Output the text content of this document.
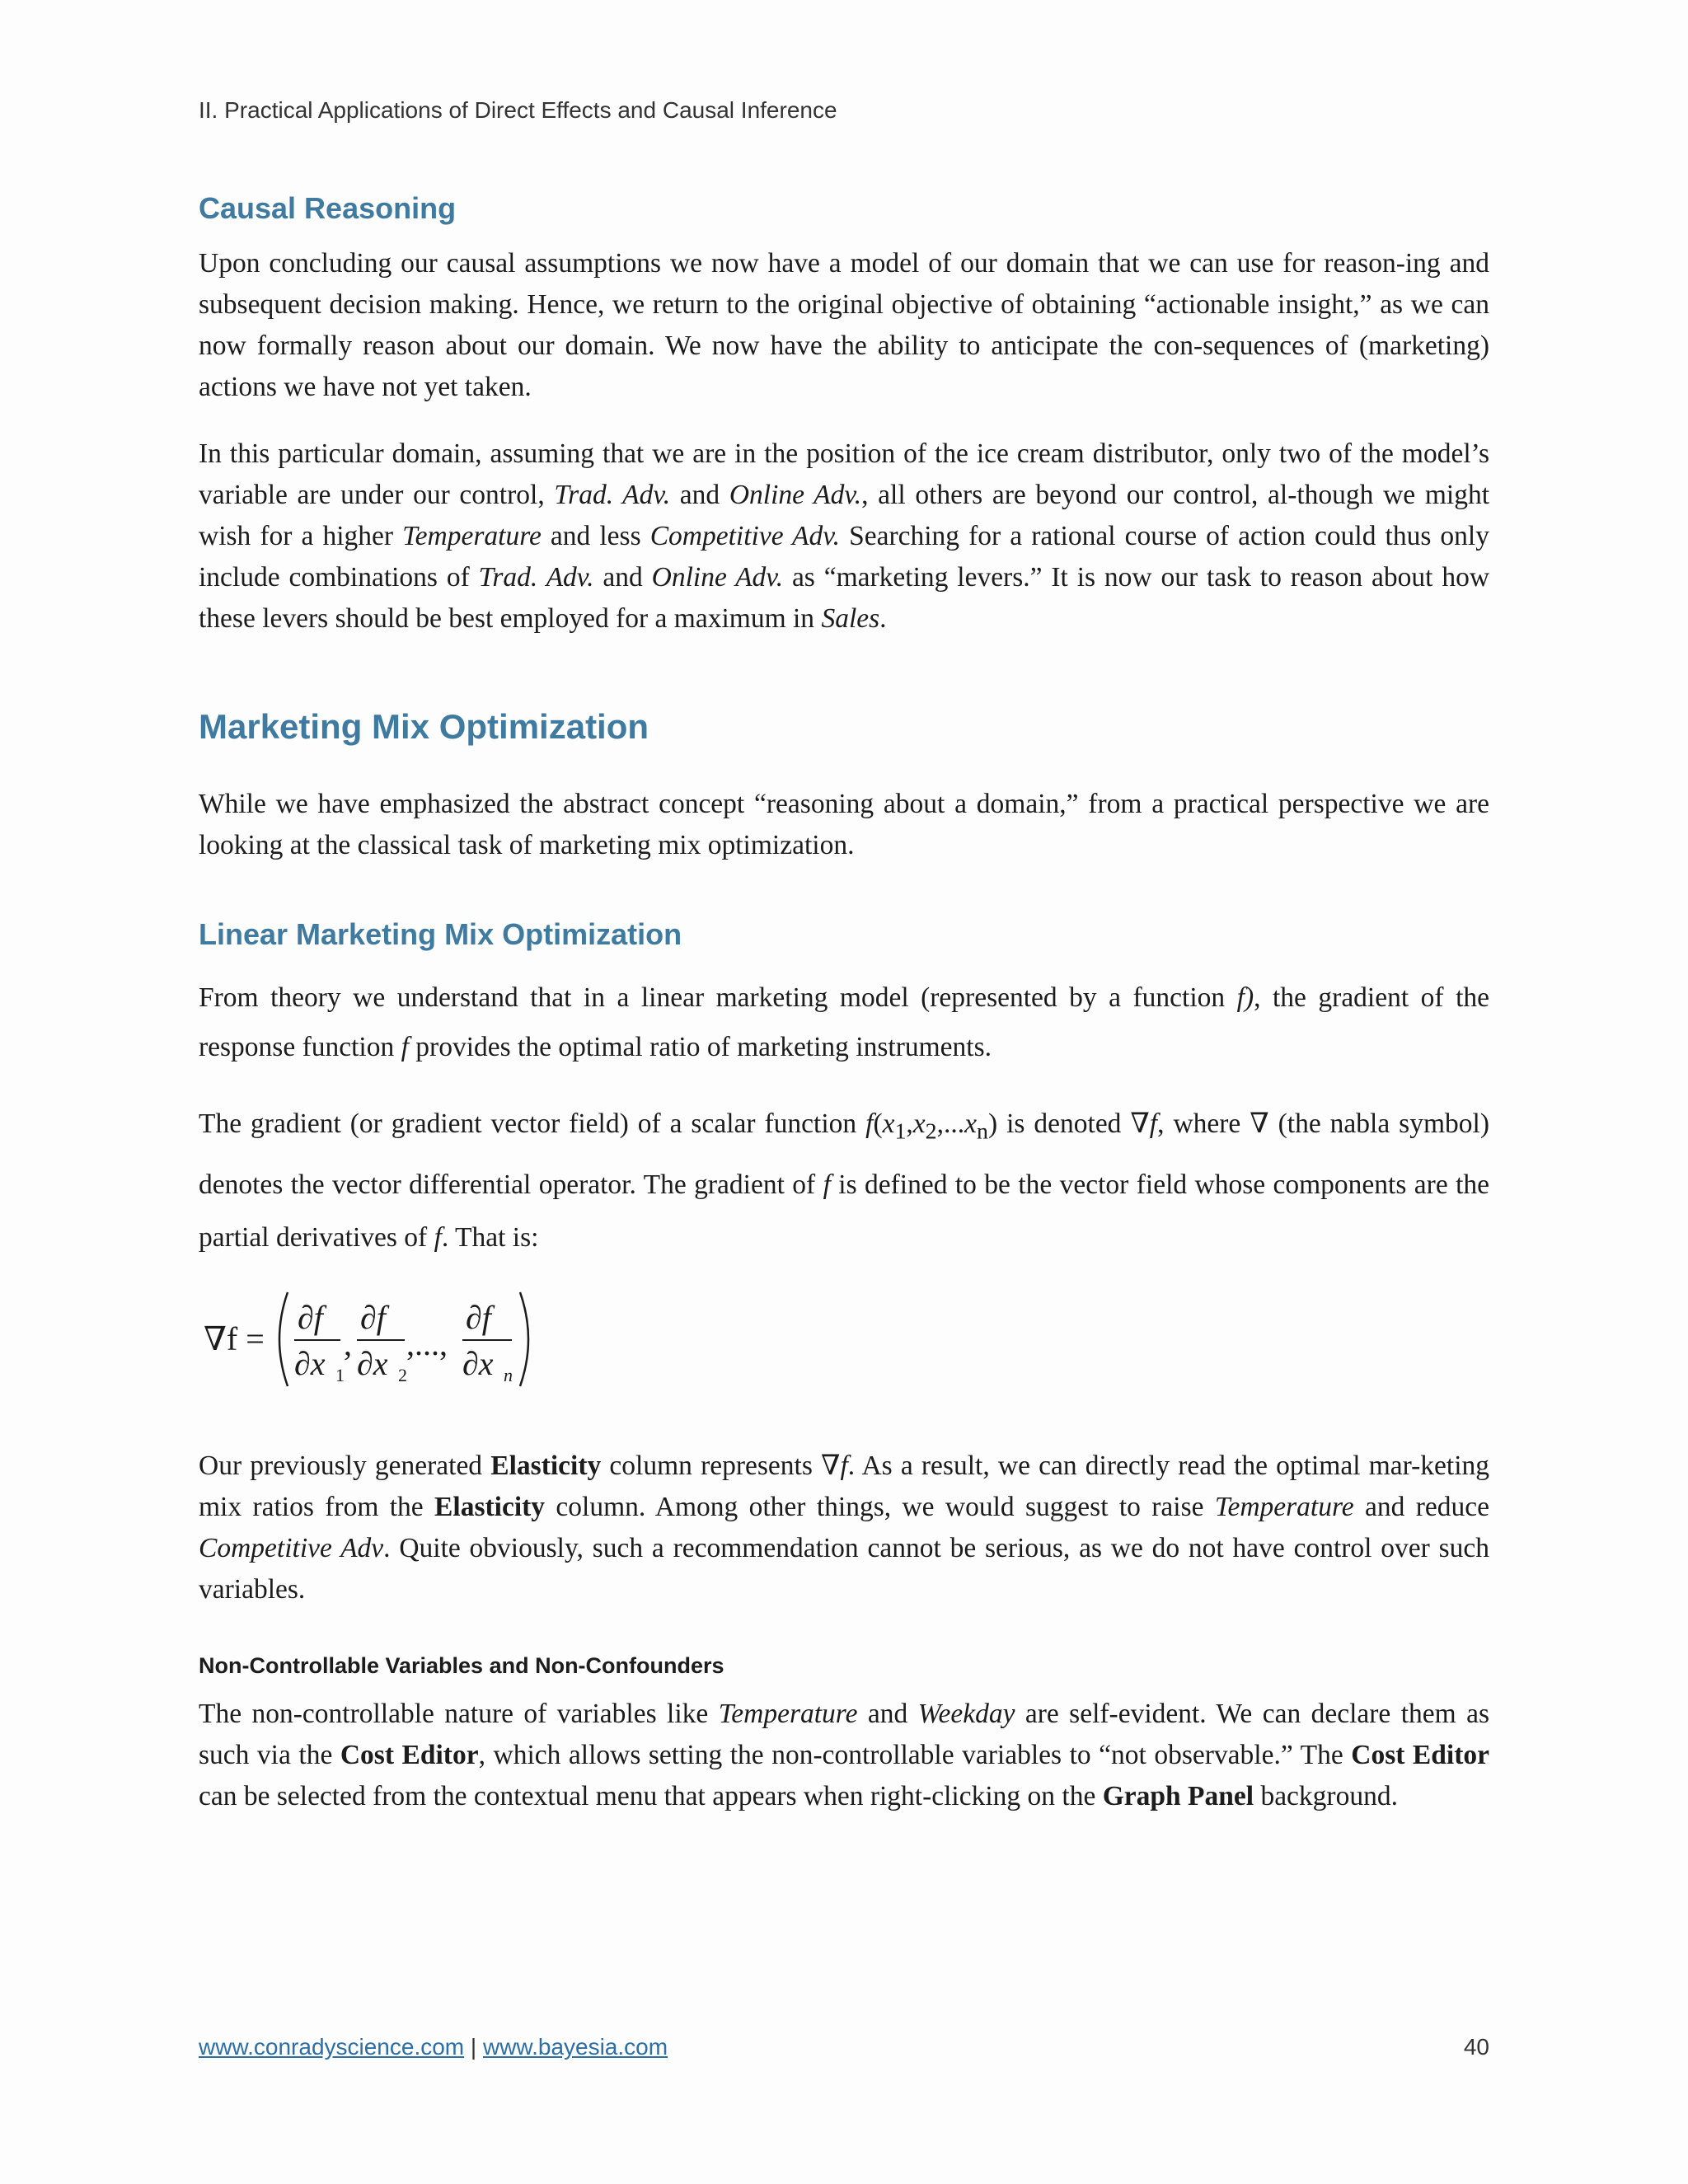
II. Practical Applications of Direct Effects and Causal Inference
Causal Reasoning

Upon concluding our causal assumptions we now have a model of our domain that we can use for reason-ing and subsequent decision making. Hence, we return to the original objective of obtaining “actionable insight,” as we can now formally reason about our domain. We now have the ability to anticipate the con-sequences of (marketing) actions we have not yet taken.

In this particular domain, assuming that we are in the position of the ice cream distributor, only two of the model’s variable are under our control, Trad. Adv. and Online Adv., all others are beyond our control, al-though we might wish for a higher Temperature and less Competitive Adv. Searching for a rational course of action could thus only include combinations of Trad. Adv. and Online Adv. as “marketing levers.” It is now our task to reason about how these levers should be best employed for a maximum in Sales.

Marketing Mix Optimization

While we have emphasized the abstract concept “reasoning about a domain,” from a practical perspective we are looking at the classical task of marketing mix optimization.

Linear Marketing Mix Optimization

From theory we understand that in a linear marketing model (represented by a function f), the gradient of the response function f provides the optimal ratio of marketing instruments.

The gradient (or gradient vector field) of a scalar function $f(x_1,x_2,...x_n)$ is denoted ∇f, where ∇ (the nabla symbol) denotes the vector differential operator. The gradient of f is defined to be the vector field whose components are the partial derivatives of f. That is:

∇f =
∂f
∂x 1
,
∂f
∂x 2
,...,
∂f
∂x n

Our previously generated Elasticity column represents ∇f. As a result, we can directly read the optimal mar-keting mix ratios from the Elasticity column. Among other things, we would suggest to raise Temperature and reduce Competitive Adv. Quite obviously, such a recommendation cannot be serious, as we do not have control over such variables.

Non-Controllable Variables and Non-Confounders

The non-controllable nature of variables like Temperature and Weekday are self-evident. We can declare them as such via the Cost Editor, which allows setting the non-controllable variables to “not observable.” The Cost Editor can be selected from the contextual menu that appears when right-clicking on the Graph Panel background.

www.conradyscience.com | www.bayesia.com	40
